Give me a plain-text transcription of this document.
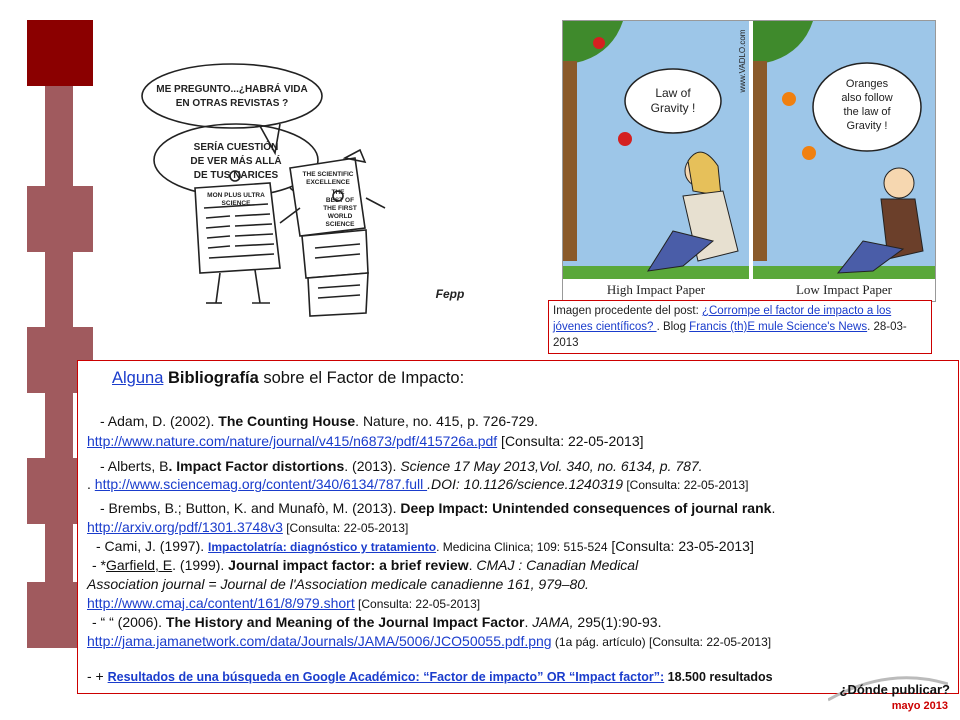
ME PREGUNTO...¿HABRÁ VIDA
EN OTRAS REVISTAS ?
SERÍA CUESTIÓN
DE VER MÁS ALLÁ
DE TUS NARICES
MON PLUS ULTRA
SCIENCE
THE SCIENTIFIC
EXCELLENCE
THE
BEST OF
THE FIRST
WORLD
SCIENCE
Fepp
Law of
Gravity !
Oranges
also follow
the law of
Gravity !
High Impact Paper	Low Impact Paper
www.VADLO.com
Imagen procedente del post: ¿Corrompe el factor de impacto a los jóvenes científicos? . Blog Francis (th)E mule Science's News. 28-03-2013
Alguna Bibliografía sobre el Factor de Impacto:
- Adam, D. (2002). The Counting House. Nature, no. 415, p. 726-729.
http://www.nature.com/nature/journal/v415/n6873/pdf/415726a.pdf [Consulta: 22-05-2013]
- Alberts, B. Impact Factor distortions. (2013). Science 17 May 2013,Vol. 340, no. 6134, p. 787.
. http://www.sciencemag.org/content/340/6134/787.full .DOI: 10.1126/science.1240319 [Consulta: 22-05-2013]
- Brembs, B.; Button, K. and Munafò, M. (2013). Deep Impact: Unintended consequences of journal rank.
http://arxiv.org/pdf/1301.3748v3 [Consulta: 22-05-2013]
- Cami, J. (1997). Impactolatría: diagnóstico y tratamiento. Medicina Clinica; 109: 515-524 [Consulta: 23-05-2013]
- *Garfield, E. (1999). Journal impact factor: a brief review. CMAJ : Canadian Medical
Association journal = Journal de l'Association medicale canadienne 161, 979–80.
http://www.cmaj.ca/content/161/8/979.short [Consulta: 22-05-2013]
- “ “ (2006). The History and Meaning of the Journal Impact Factor. JAMA, 295(1):90-93.
http://jama.jamanetwork.com/data/Journals/JAMA/5006/JCO50055.pdf.png (1a pág. artículo) [Consulta: 22-05-2013]
- + Resultados de una búsqueda en Google Académico: “Factor de impacto” OR “Impact factor”: 18.500 resultados
¿Dónde publicar?
mayo 2013
